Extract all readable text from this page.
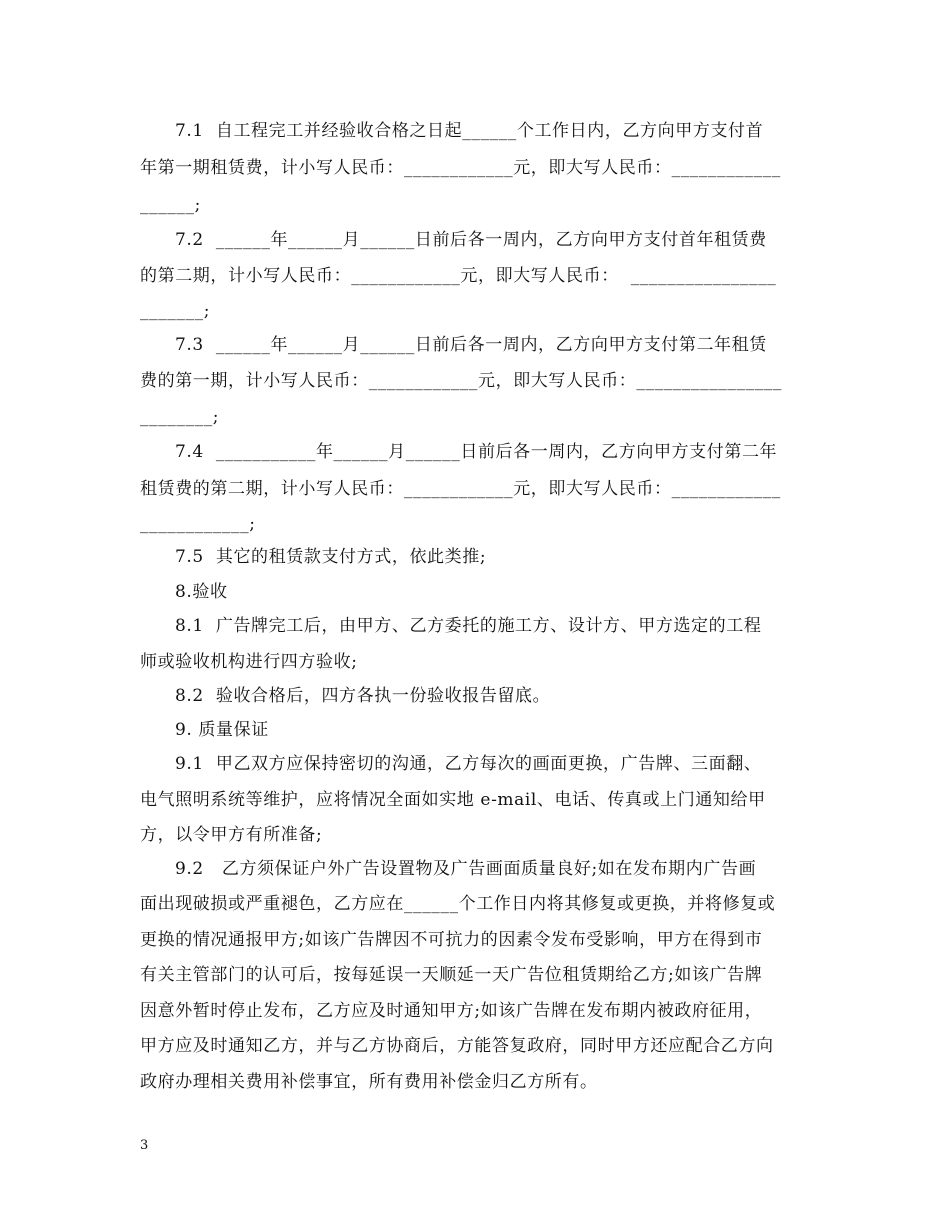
7.1  自工程完工并经验收合格之日起______个工作日内，乙方向甲方支付首
年第一期租赁费，计小写人民币：____________元，即大写人民币：____________
______;
7.2  ______年______月______日前后各一周内，乙方向甲方支付首年租赁费
的第二期，计小写人民币：____________元，即大写人民币：  ________________
_______;
7.3  ______年______月______日前后各一周内，乙方向甲方支付第二年租赁
费的第一期，计小写人民币：____________元，即大写人民币：________________
________;
7.4  ___________年______月______日前后各一周内，乙方向甲方支付第二年
租赁费的第二期，计小写人民币：____________元，即大写人民币：____________
____________;
7.5  其它的租赁款支付方式，依此类推;
8.验收
8.1  广告牌完工后，由甲方、乙方委托的施工方、设计方、甲方选定的工程
师或验收机构进行四方验收;
8.2  验收合格后，四方各执一份验收报告留底。
9. 质量保证
9.1  甲乙双方应保持密切的沟通，乙方每次的画面更换，广告牌、三面翻、
电气照明系统等维护，应将情况全面如实地 e-mail、电话、传真或上门通知给甲
方，以令甲方有所准备;
9.2   乙方须保证户外广告设置物及广告画面质量良好;如在发布期内广告画
面出现破损或严重褪色，乙方应在______个工作日内将其修复或更换，并将修复或
更换的情况通报甲方;如该广告牌因不可抗力的因素令发布受影响，甲方在得到市
有关主管部门的认可后，按每延误一天顺延一天广告位租赁期给乙方;如该广告牌
因意外暂时停止发布，乙方应及时通知甲方;如该广告牌在发布期内被政府征用，
甲方应及时通知乙方，并与乙方协商后，方能答复政府，同时甲方还应配合乙方向
政府办理相关费用补偿事宜，所有费用补偿金归乙方所有。
3
